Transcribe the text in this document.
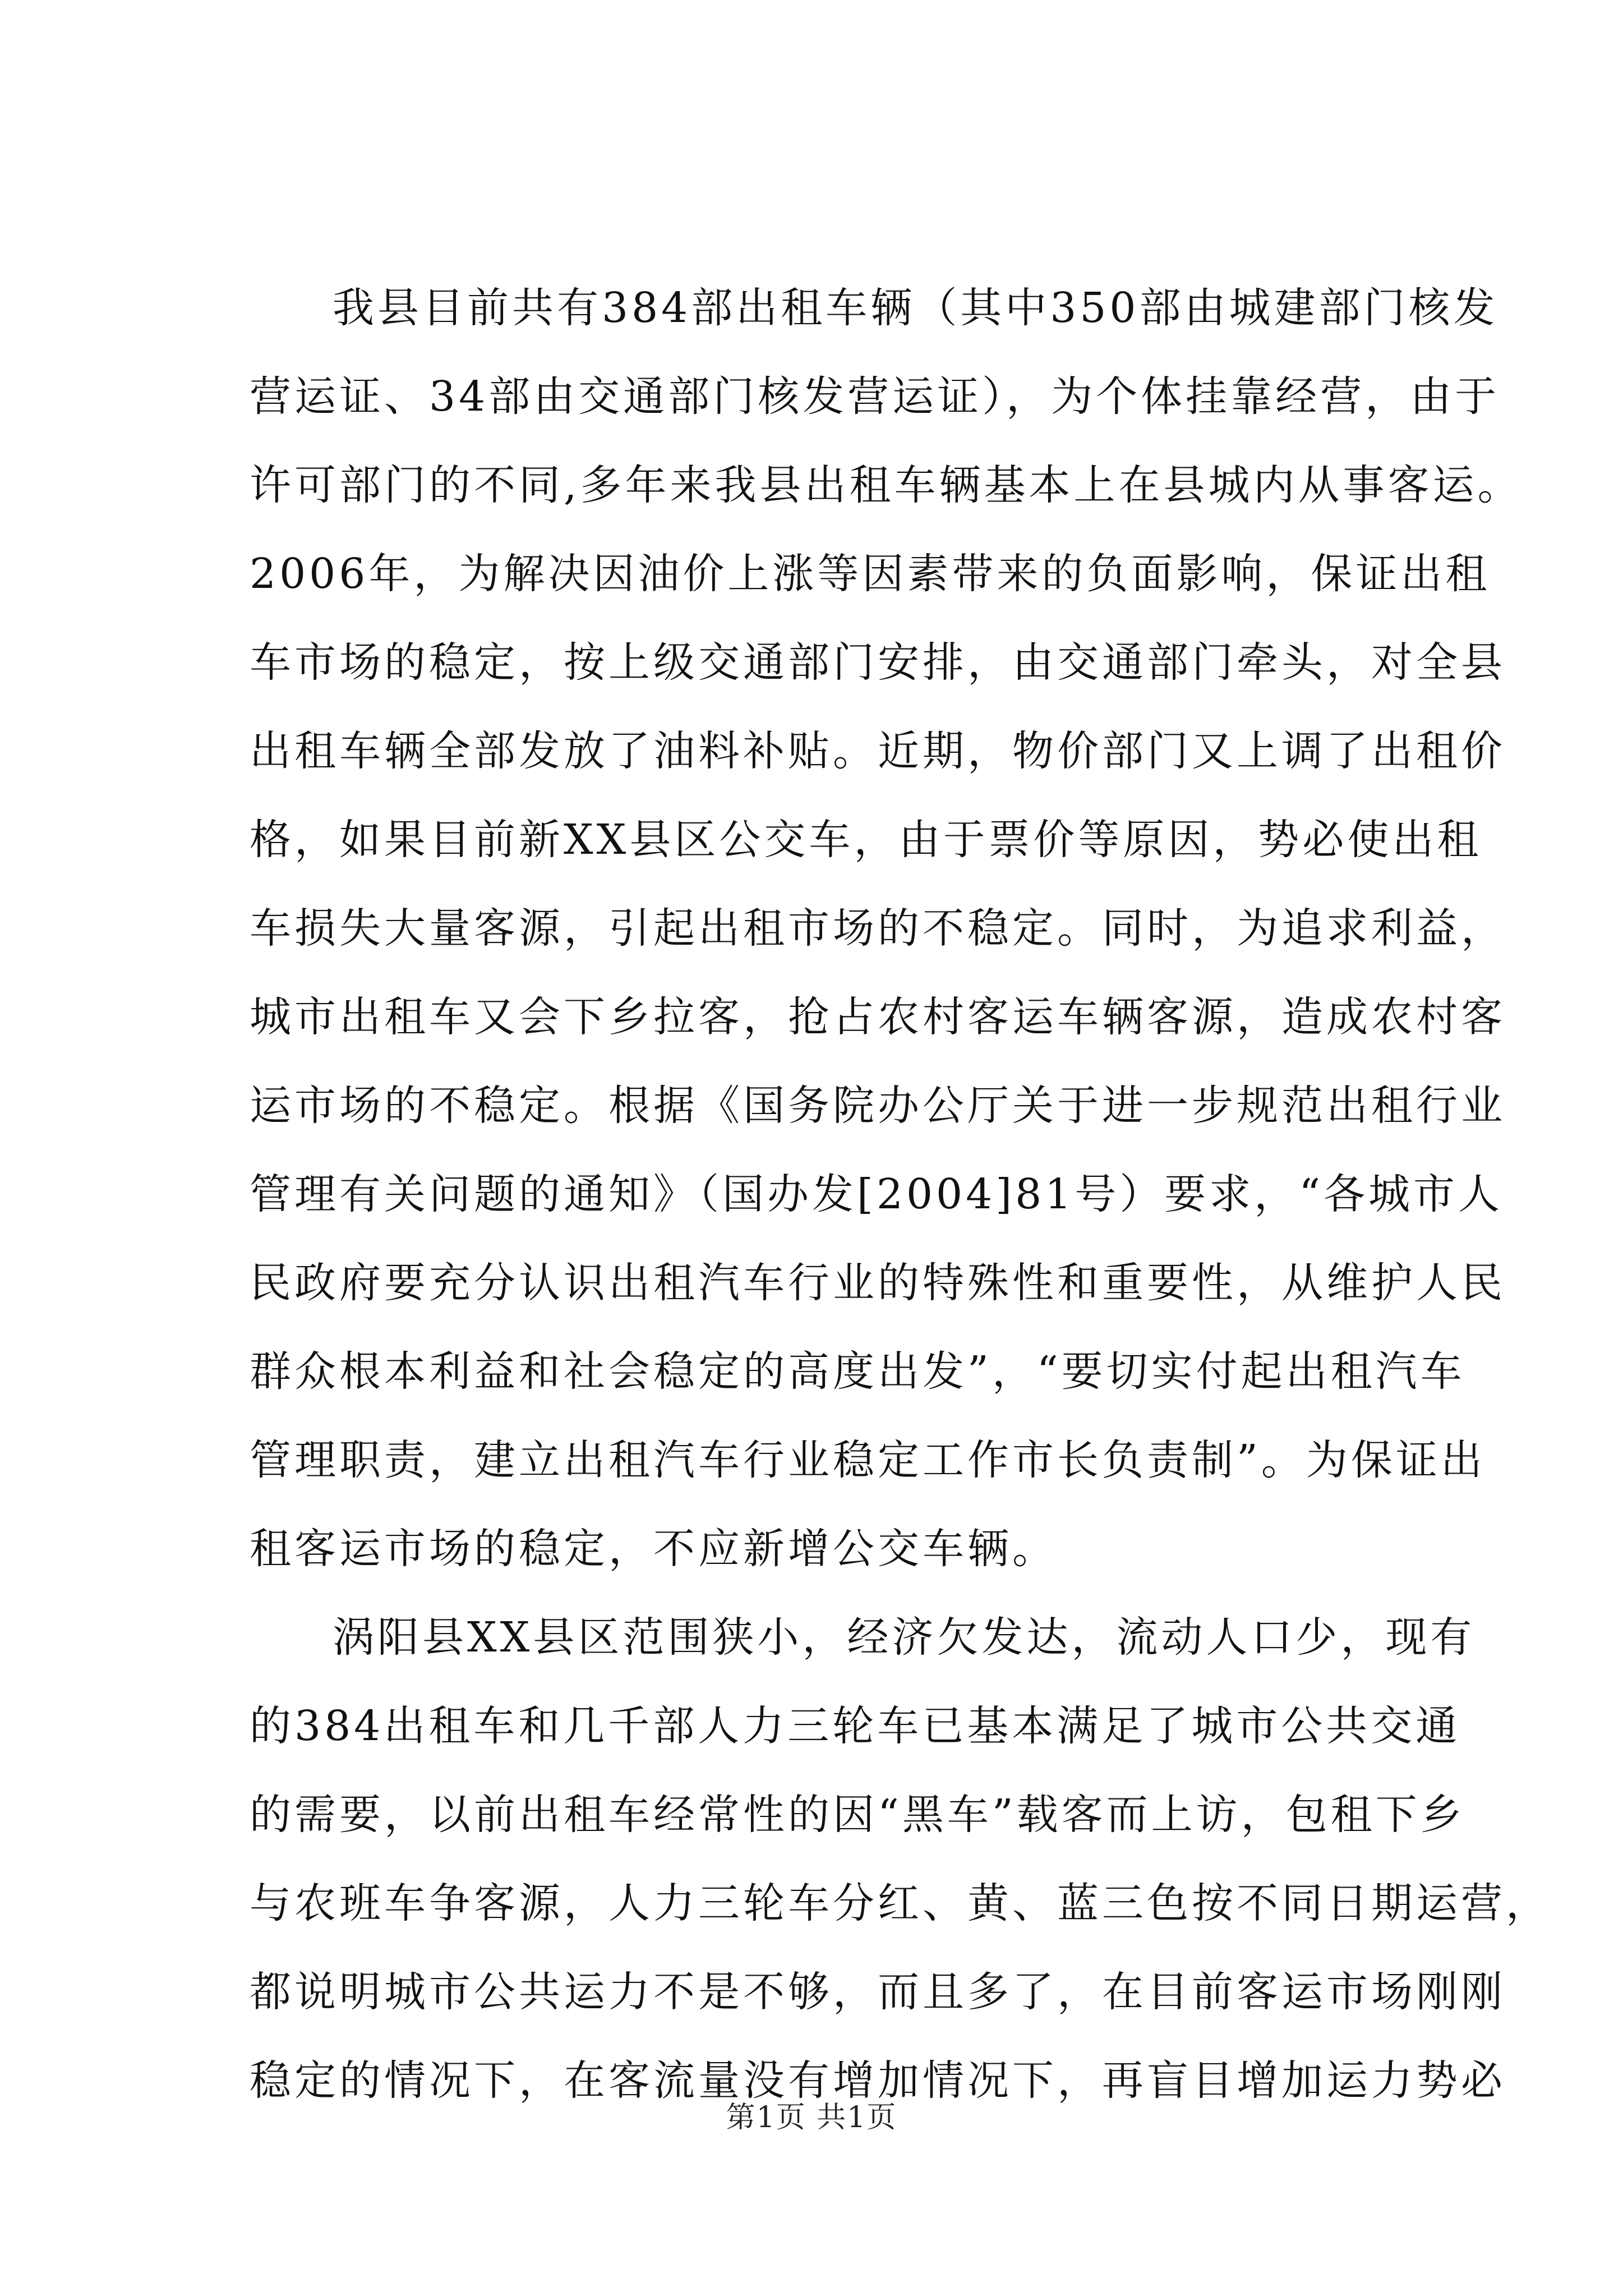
我县目前共有384部出租车辆（其中350部由城建部门核发
营运证、34部由交通部门核发营运证），为个体挂靠经营，由于
许可部门的不同,多年来我县出租车辆基本上在县城内从事客运。
2006年，为解决因油价上涨等因素带来的负面影响，保证出租
车市场的稳定，按上级交通部门安排，由交通部门牵头，对全县
出租车辆全部发放了油料补贴。近期，物价部门又上调了出租价
格，如果目前新XX县区公交车，由于票价等原因，势必使出租
车损失大量客源，引起出租市场的不稳定。同时，为追求利益，
城市出租车又会下乡拉客，抢占农村客运车辆客源，造成农村客
运市场的不稳定。根据《国务院办公厅关于进一步规范出租行业
管理有关问题的通知》（国办发[2004]81号）要求，“各城市人
民政府要充分认识出租汽车行业的特殊性和重要性，从维护人民
群众根本利益和社会稳定的高度出发”，“要切实付起出租汽车
管理职责，建立出租汽车行业稳定工作市长负责制”。为保证出
租客运市场的稳定，不应新增公交车辆。
涡阳县XX县区范围狭小，经济欠发达，流动人口少，现有
的384出租车和几千部人力三轮车已基本满足了城市公共交通
的需要，以前出租车经常性的因“黑车”载客而上访，包租下乡
与农班车争客源，人力三轮车分红、黄、蓝三色按不同日期运营，
都说明城市公共运力不是不够，而且多了，在目前客运市场刚刚
稳定的情况下，在客流量没有增加情况下，再盲目增加运力势必
第1页 共1页
